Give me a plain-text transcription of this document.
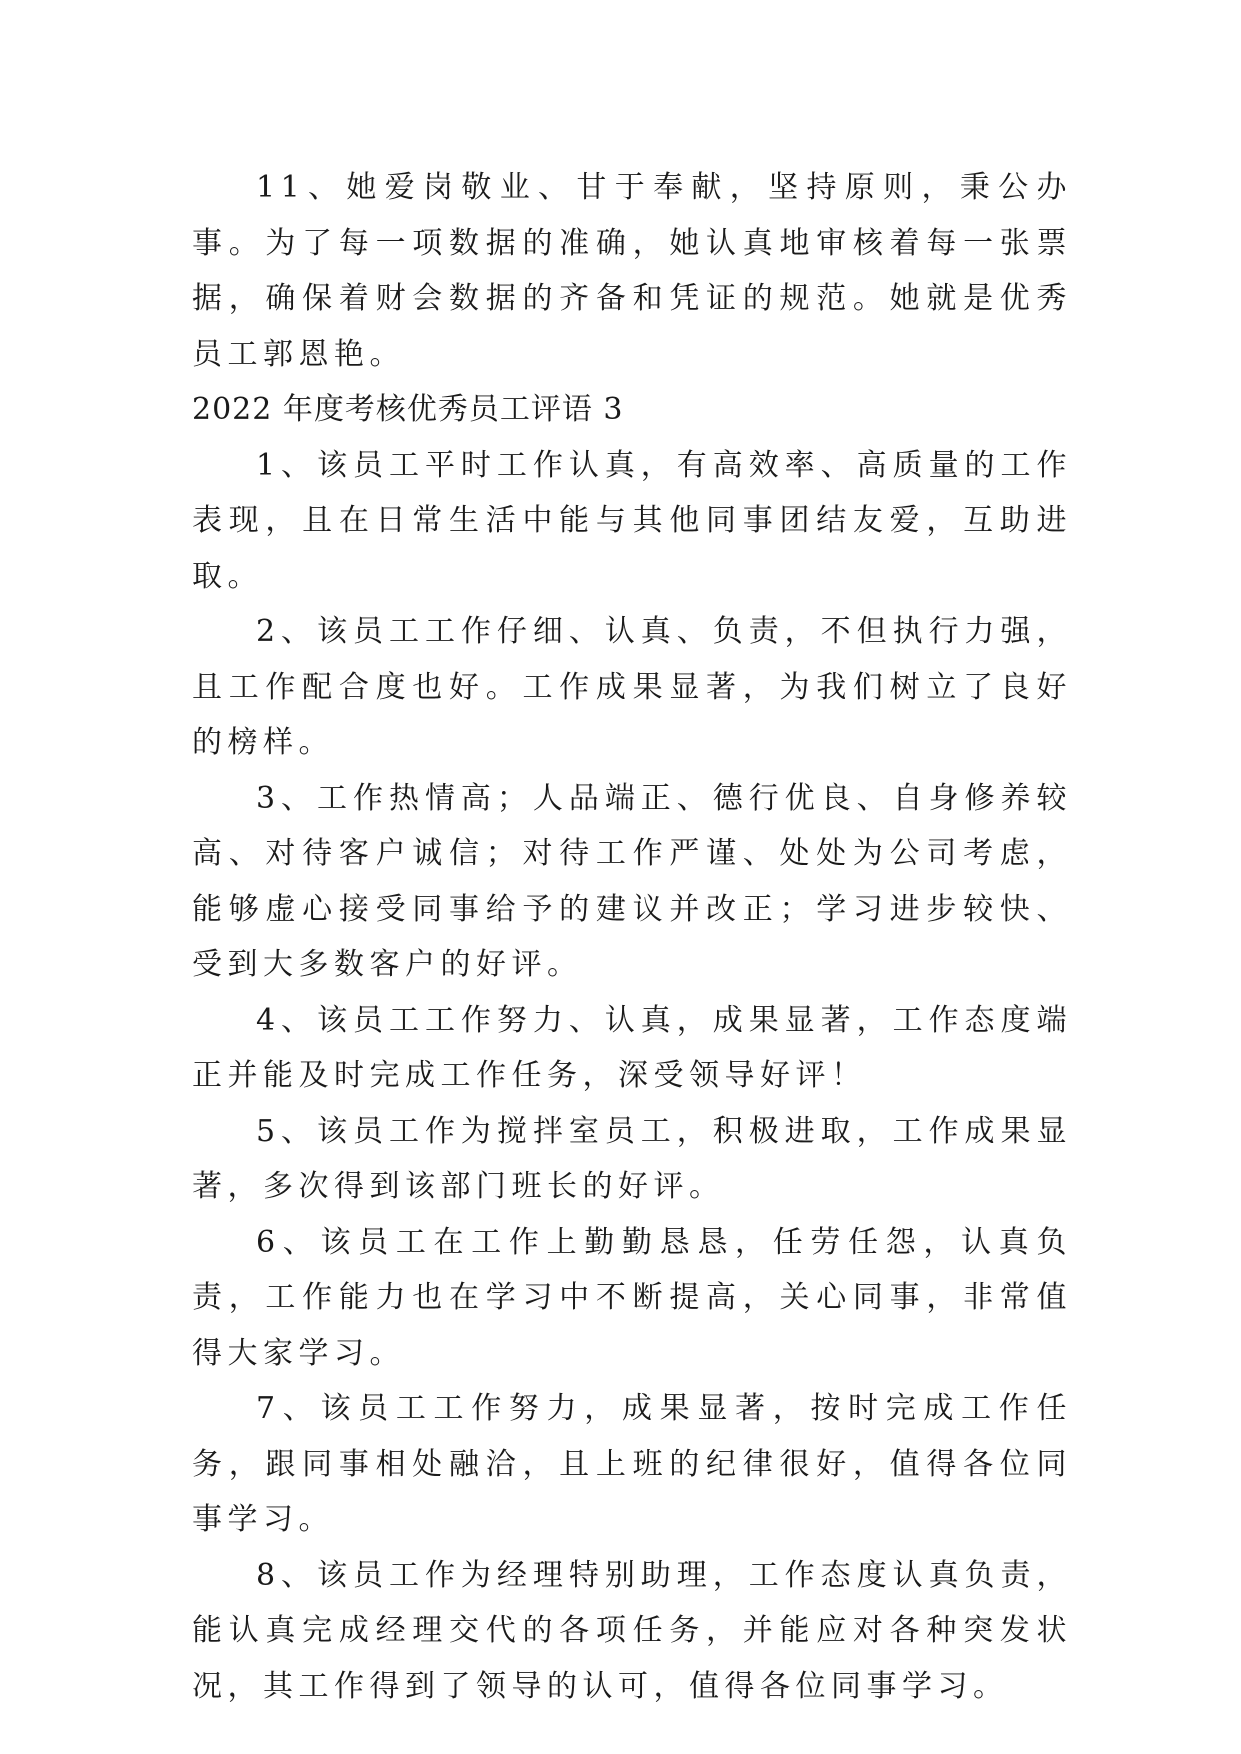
11、她爱岗敬业、甘于奉献，坚持原则，秉公办事。为了每一项数据的准确，她认真地审核着每一张票据，确保着财会数据的齐备和凭证的规范。她就是优秀员工郭恩艳。

2022 年度考核优秀员工评语 3

1、该员工平时工作认真，有高效率、高质量的工作表现，且在日常生活中能与其他同事团结友爱，互助进取。

2、该员工工作仔细、认真、负责，不但执行力强，且工作配合度也好。工作成果显著，为我们树立了良好的榜样。

3、工作热情高；人品端正、德行优良、自身修养较高、对待客户诚信；对待工作严谨、处处为公司考虑，能够虚心接受同事给予的建议并改正；学习进步较快、受到大多数客户的好评。

4、该员工工作努力、认真，成果显著，工作态度端正并能及时完成工作任务，深受领导好评！

5、该员工作为搅拌室员工，积极进取，工作成果显著，多次得到该部门班长的好评。

6、该员工在工作上勤勤恳恳，任劳任怨，认真负责，工作能力也在学习中不断提高，关心同事，非常值得大家学习。

7、该员工工作努力，成果显著，按时完成工作任务，跟同事相处融洽，且上班的纪律很好，值得各位同事学习。

8、该员工作为经理特别助理，工作态度认真负责，能认真完成经理交代的各项任务，并能应对各种突发状况，其工作得到了领导的认可，值得各位同事学习。
